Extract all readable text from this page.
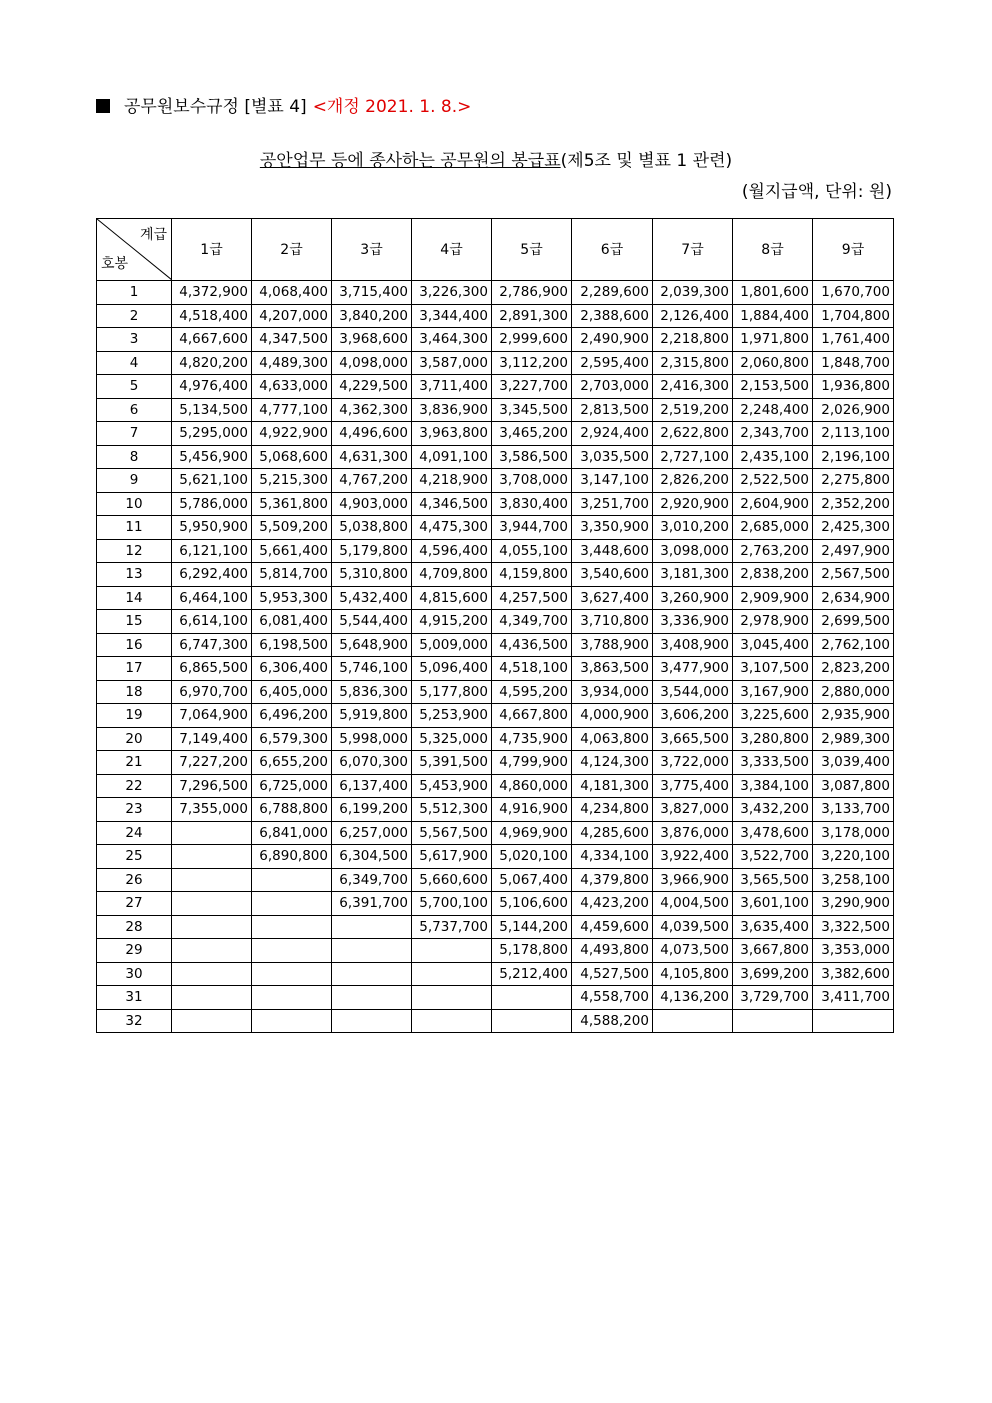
공무원보수규정 [별표 4] <개정 2021. 1. 8.>
공안업무 등에 종사하는 공무원의 봉급표(제5조 및 별표 1 관련)
(월지급액, 단위: 원)
계급
호봉	1급	2급	3급	4급	5급	6급	7급	8급	9급
1	4,372,900	4,068,400	3,715,400	3,226,300	2,786,900	2,289,600	2,039,300	1,801,600	1,670,700
2	4,518,400	4,207,000	3,840,200	3,344,400	2,891,300	2,388,600	2,126,400	1,884,400	1,704,800
3	4,667,600	4,347,500	3,968,600	3,464,300	2,999,600	2,490,900	2,218,800	1,971,800	1,761,400
4	4,820,200	4,489,300	4,098,000	3,587,000	3,112,200	2,595,400	2,315,800	2,060,800	1,848,700
5	4,976,400	4,633,000	4,229,500	3,711,400	3,227,700	2,703,000	2,416,300	2,153,500	1,936,800
6	5,134,500	4,777,100	4,362,300	3,836,900	3,345,500	2,813,500	2,519,200	2,248,400	2,026,900
7	5,295,000	4,922,900	4,496,600	3,963,800	3,465,200	2,924,400	2,622,800	2,343,700	2,113,100
8	5,456,900	5,068,600	4,631,300	4,091,100	3,586,500	3,035,500	2,727,100	2,435,100	2,196,100
9	5,621,100	5,215,300	4,767,200	4,218,900	3,708,000	3,147,100	2,826,200	2,522,500	2,275,800
10	5,786,000	5,361,800	4,903,000	4,346,500	3,830,400	3,251,700	2,920,900	2,604,900	2,352,200
11	5,950,900	5,509,200	5,038,800	4,475,300	3,944,700	3,350,900	3,010,200	2,685,000	2,425,300
12	6,121,100	5,661,400	5,179,800	4,596,400	4,055,100	3,448,600	3,098,000	2,763,200	2,497,900
13	6,292,400	5,814,700	5,310,800	4,709,800	4,159,800	3,540,600	3,181,300	2,838,200	2,567,500
14	6,464,100	5,953,300	5,432,400	4,815,600	4,257,500	3,627,400	3,260,900	2,909,900	2,634,900
15	6,614,100	6,081,400	5,544,400	4,915,200	4,349,700	3,710,800	3,336,900	2,978,900	2,699,500
16	6,747,300	6,198,500	5,648,900	5,009,000	4,436,500	3,788,900	3,408,900	3,045,400	2,762,100
17	6,865,500	6,306,400	5,746,100	5,096,400	4,518,100	3,863,500	3,477,900	3,107,500	2,823,200
18	6,970,700	6,405,000	5,836,300	5,177,800	4,595,200	3,934,000	3,544,000	3,167,900	2,880,000
19	7,064,900	6,496,200	5,919,800	5,253,900	4,667,800	4,000,900	3,606,200	3,225,600	2,935,900
20	7,149,400	6,579,300	5,998,000	5,325,000	4,735,900	4,063,800	3,665,500	3,280,800	2,989,300
21	7,227,200	6,655,200	6,070,300	5,391,500	4,799,900	4,124,300	3,722,000	3,333,500	3,039,400
22	7,296,500	6,725,000	6,137,400	5,453,900	4,860,000	4,181,300	3,775,400	3,384,100	3,087,800
23	7,355,000	6,788,800	6,199,200	5,512,300	4,916,900	4,234,800	3,827,000	3,432,200	3,133,700
24		6,841,000	6,257,000	5,567,500	4,969,900	4,285,600	3,876,000	3,478,600	3,178,000
25		6,890,800	6,304,500	5,617,900	5,020,100	4,334,100	3,922,400	3,522,700	3,220,100
26			6,349,700	5,660,600	5,067,400	4,379,800	3,966,900	3,565,500	3,258,100
27			6,391,700	5,700,100	5,106,600	4,423,200	4,004,500	3,601,100	3,290,900
28				5,737,700	5,144,200	4,459,600	4,039,500	3,635,400	3,322,500
29					5,178,800	4,493,800	4,073,500	3,667,800	3,353,000
30					5,212,400	4,527,500	4,105,800	3,699,200	3,382,600
31						4,558,700	4,136,200	3,729,700	3,411,700
32						4,588,200			
